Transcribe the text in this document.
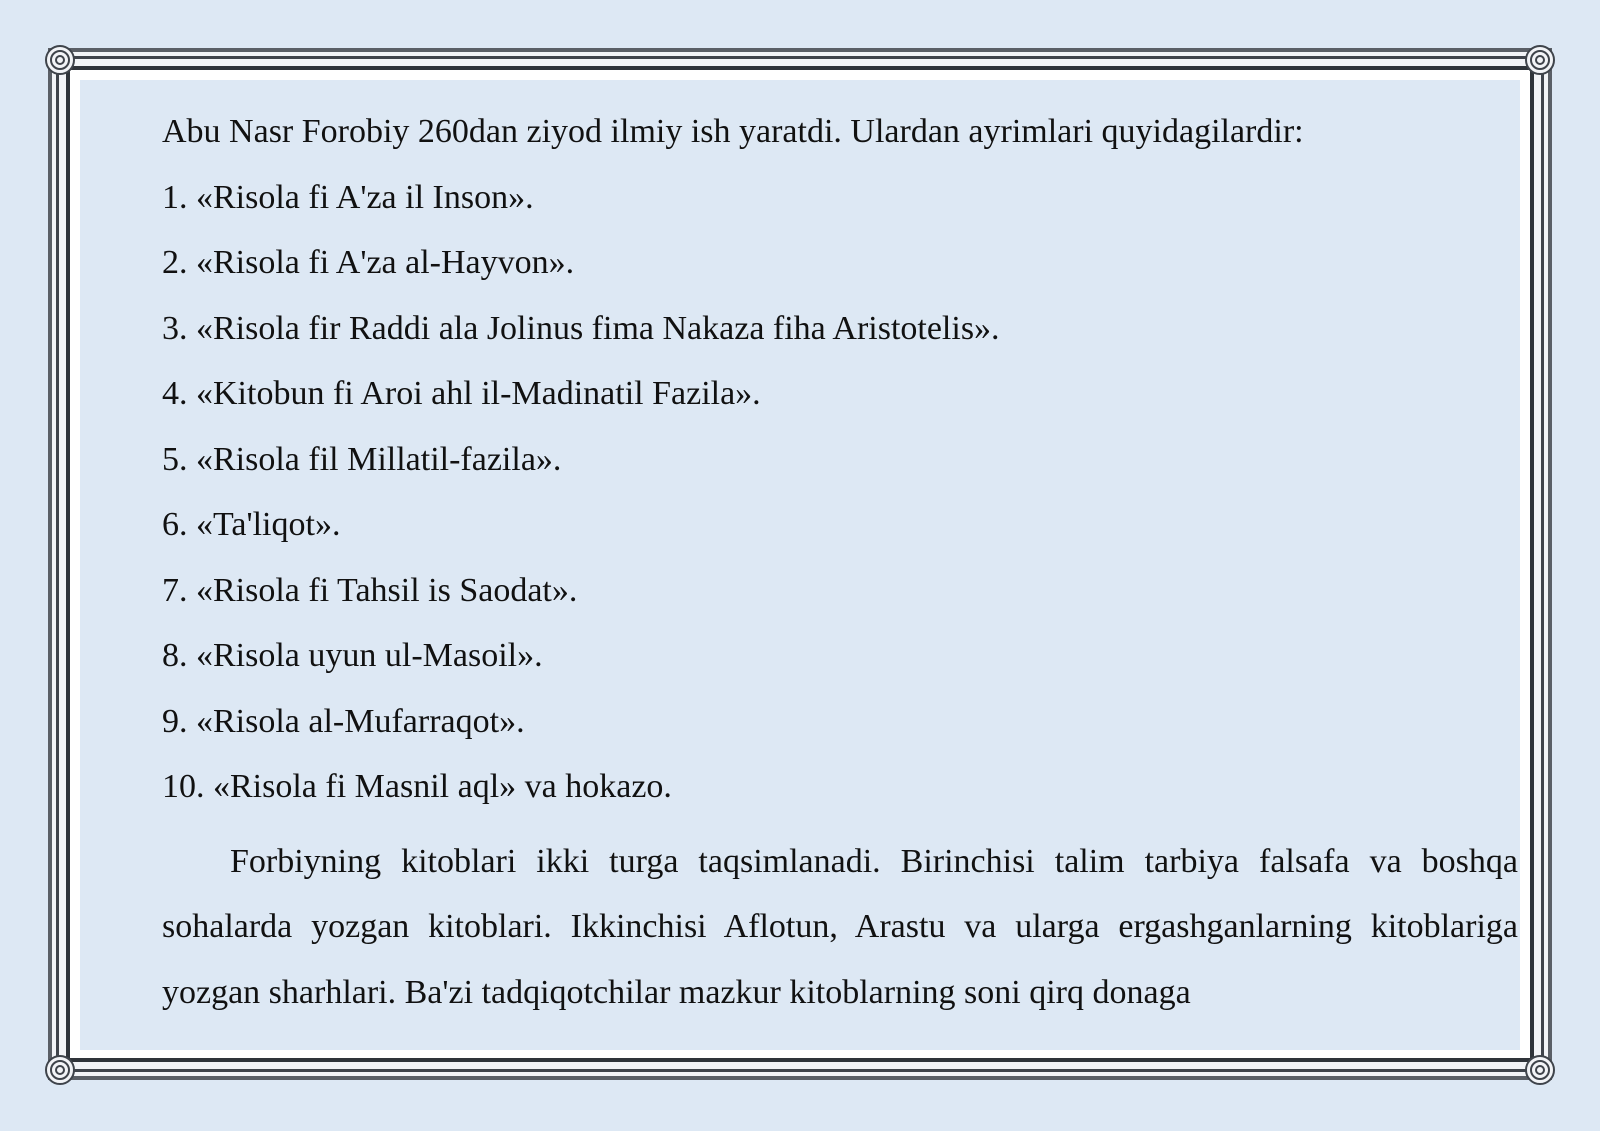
Abu Nasr Forobiy 260dan ziyod ilmiy ish yaratdi. Ulardan ayrimlari quyidagilardir:
1. «Risola fi A'za il Inson».
2. «Risola fi A'za al-Hayvon».
3. «Risola fir Raddi ala Jolinus fima Nakaza fiha Aristotelis».
4. «Kitobun fi Aroi ahl il-Madinatil Fazila».
5. «Risola fil Millatil-fazila».
6. «Ta'liqot».
7. «Risola fi Tahsil is Saodat».
8. «Risola uyun ul-Masoil».
9. «Risola al-Mufarraqot».
10. «Risola fi Masnil aql» va hokazo.
Forbiyning kitoblari ikki turga taqsimlanadi. Birinchisi talim tarbiya falsafa va boshqa sohalarda yozgan kitoblari. Ikkinchisi Aflotun, Arastu va ularga ergashganlarning kitoblariga yozgan sharhlari. Ba'zi tadqiqotchilar mazkur kitoblarning soni qirq donaga
